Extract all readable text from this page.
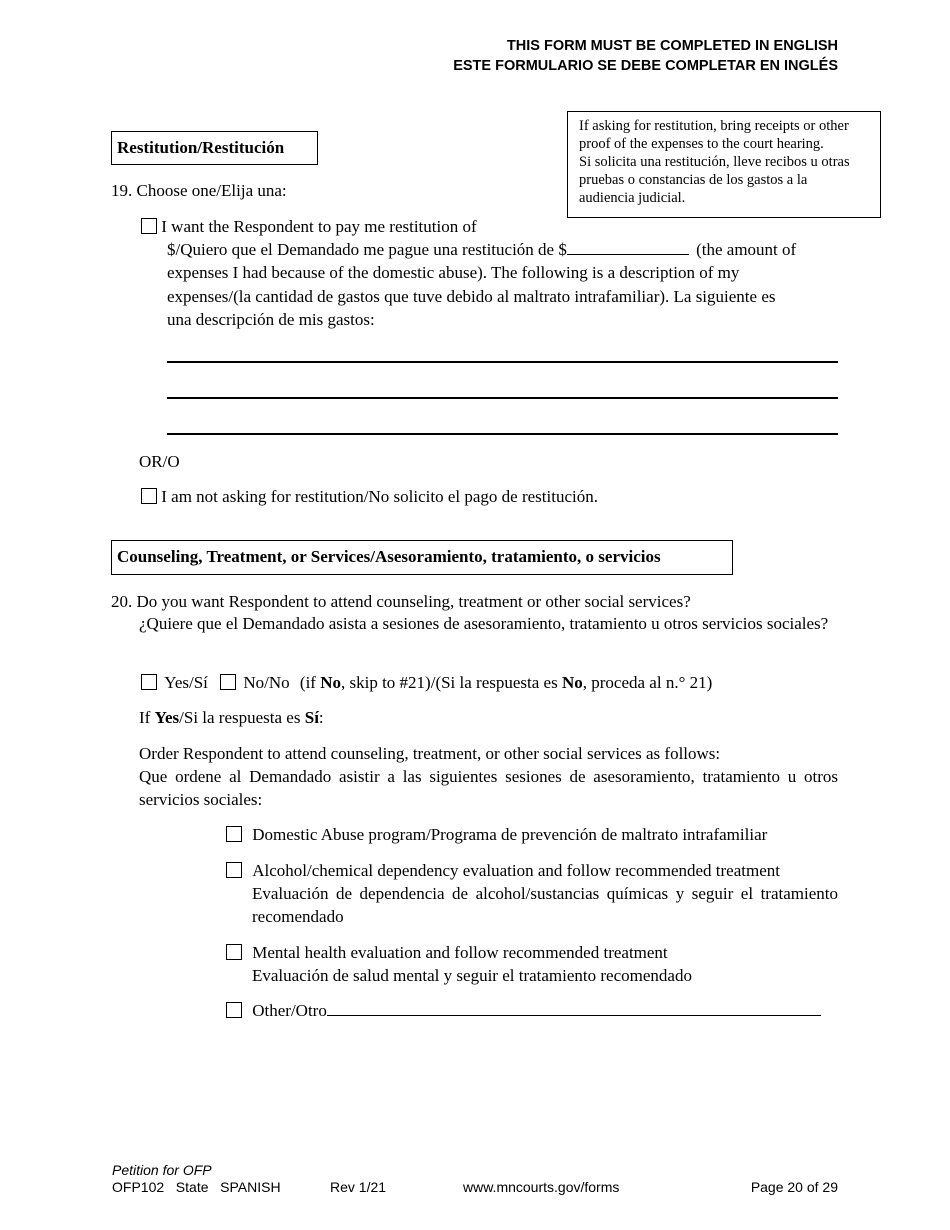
THIS FORM MUST BE COMPLETED IN ENGLISH
ESTE FORMULARIO SE DEBE COMPLETAR EN INGLÉS
If asking for restitution, bring receipts or other
proof of the expenses to the court hearing.
Si solicita una restitución, lleve recibos u otras
pruebas o constancias de los gastos a la
audiencia judicial.
Restitution/Restitución
19. Choose one/Elija una:
I want the Respondent to pay me restitution of
$/Quiero que el Demandado me pague una restitución de $	(the amount of
expenses I had because of the domestic abuse). The following is a description of my
expenses/(la cantidad de gastos que tuve debido al maltrato intrafamiliar). La siguiente es
una descripción de mis gastos:
OR/O
I am not asking for restitution/No solicito el pago de restitución.
Counseling, Treatment, or Services/Asesoramiento, tratamiento, o servicios
20. Do you want Respondent to attend counseling, treatment or other social services?
¿Quiere que el Demandado asista a sesiones de asesoramiento, tratamiento u otros servicios sociales?
Yes/Sí No/No (if No, skip to #21)/(Si la respuesta es No, proceda al n.° 21)
If Yes/Si la respuesta es Sí:
Order Respondent to attend counseling, treatment, or other social services as follows:
Que ordene al Demandado asistir a las siguientes sesiones de asesoramiento, tratamiento u otros servicios sociales:
Domestic Abuse program/Programa de prevención de maltrato intrafamiliar
Alcohol/chemical dependency evaluation and follow recommended treatment
Evaluación de dependencia de alcohol/sustancias químicas y seguir el tratamiento recomendado
Mental health evaluation and follow recommended treatment
Evaluación de salud mental y seguir el tratamiento recomendado
Other/Otro
Petition for OFP
OFP102   State   SPANISH	Rev 1/21	www.mncourts.gov/forms	Page 20 of 29
